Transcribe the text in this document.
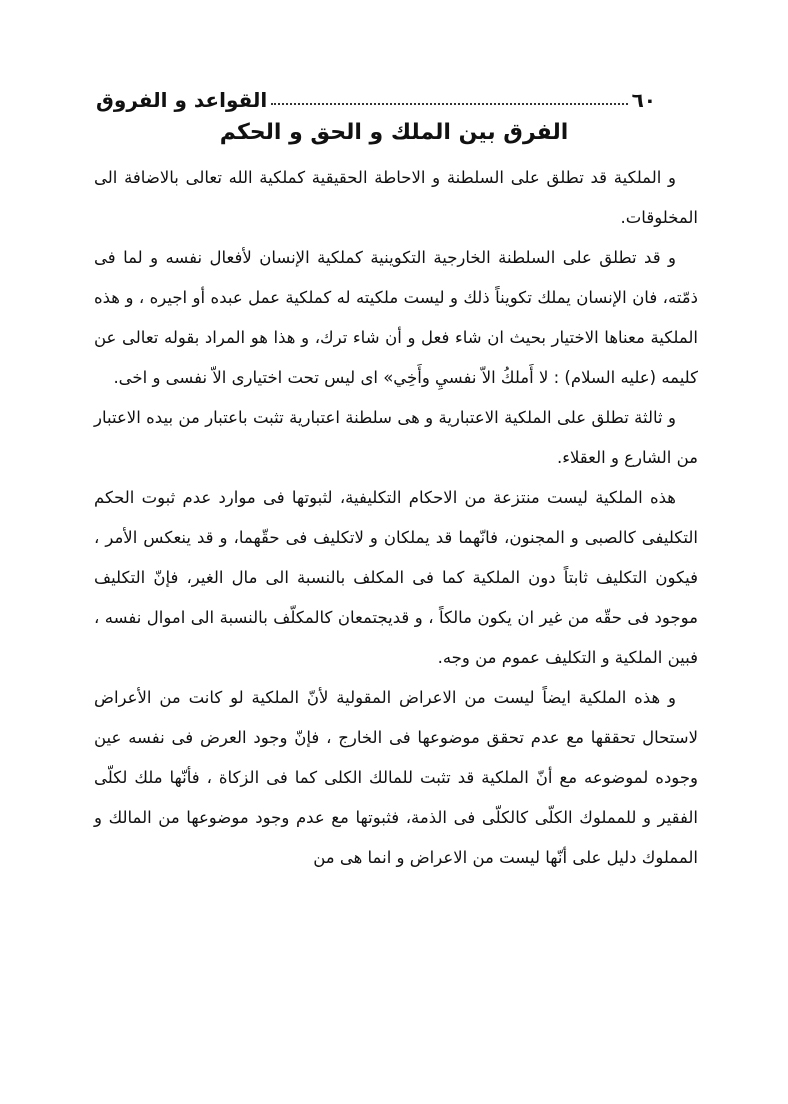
٦٠
القواعد و الفروق
الفرق بين الملك و الحق و الحكم

و الملكية قد تطلق على السلطنة و الاحاطة الحقيقية كملكية الله تعالى بالاضافة الى المخلوقات.

و قد تطلق على السلطنة الخارجية التكوينية كملكية الإنسان لأفعال نفسه و لما فى ذمّته، فان الإنسان يملك تكويناً ذلك و ليست ملكيته له كملكية عمل عبده أو اجيره ، و هذه الملكية معناها الاختيار بحيث ان شاء فعل و أن شاء ترك، و هذا هو المراد بقوله تعالى عن كليمه (عليه السلام) : لا أَملكُ الاّ نفسيِ وأَخِي» اى ليس تحت اختيارى الاّ نفسى و اخى.

و ثالثة تطلق على الملكية الاعتبارية و هى سلطنة اعتبارية تثبت باعتبار من بيده الاعتبار من الشارع و العقلاء.

هذه الملكية ليست منتزعة من الاحكام التكليفية، لثبوتها فى موارد عدم ثبوت الحكم التكليفى كالصبى و المجنون، فانّهما قد يملكان و لاتكليف فى حقّهما، و قد ينعكس الأمر ، فيكون التكليف ثابتاً دون الملكية كما فى المكلف بالنسبة الى مال الغير، فإنّ التكليف موجود فى حقّه من غير ان يكون مالكاً ، و قديجتمعان كالمكلّف بالنسبة الى اموال نفسه ، فبين الملكية و التكليف عموم من وجه.

و هذه الملكية ايضاً ليست من الاعراض المقولية لأنّ الملكية لو كانت من الأعراض لاستحال تحققها مع عدم تحقق موضوعها فى الخارج ، فإنّ وجود العرض فى نفسه عين وجوده لموضوعه مع أنّ الملكية قد تثبت للمالك الكلى كما فى الزكاة ، فأنّها ملك لكلّى الفقير و للمملوك الكلّى كالكلّى فى الذمة، فثبوتها مع عدم وجود موضوعها من المالك و المملوك دليل على أنّها ليست من الاعراض و انما هى من
